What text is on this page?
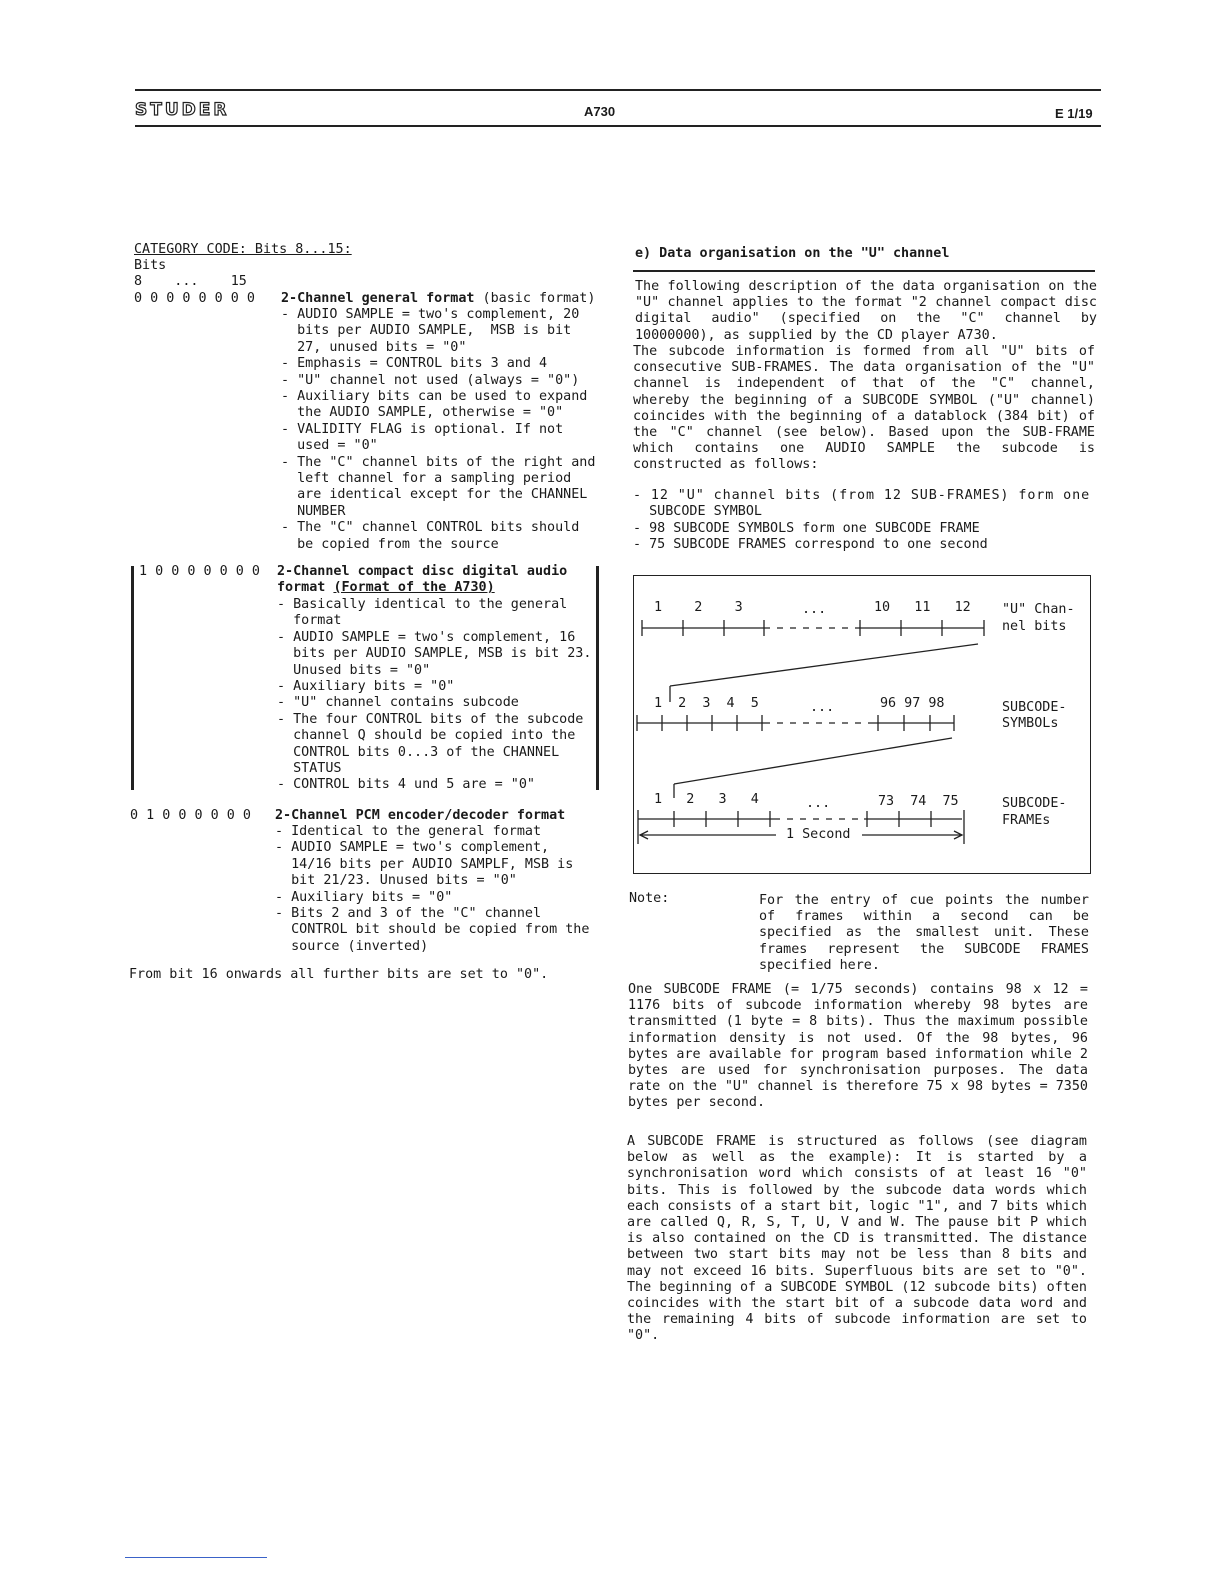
STUDER	A730	E 1/19
CATEGORY CODE: Bits 8...15:
Bits
8    ...    15
0 0 0 0 0 0 0 0 2-Channel general format (basic format)
- AUDIO SAMPLE = two's complement, 20
bits per AUDIO SAMPLE,  MSB is bit
27, unused bits = "0"
- Emphasis = CONTROL bits 3 and 4
- "U" channel not used (always = "0")
- Auxiliary bits can be used to expand
the AUDIO SAMPLE, otherwise = "0"
- VALIDITY FLAG is optional. If not
used = "0"
- The "C" channel bits of the right and
left channel for a sampling period
are identical except for the CHANNEL
NUMBER
- The "C" channel CONTROL bits should
be copied from the source
1 0 0 0 0 0 0 0 2-Channel compact disc digital audio
format (Format of the A730)
- Basically identical to the general
format
- AUDIO SAMPLE = two's complement, 16
bits per AUDIO SAMPLE, MSB is bit 23.
Unused bits = "0"
- Auxiliary bits = "0"
- "U" channel contains subcode
- The four CONTROL bits of the subcode
channel Q should be copied into the
CONTROL bits 0...3 of the CHANNEL
STATUS
- CONTROL bits 4 und 5 are = "0"
0 1 0 0 0 0 0 0 2-Channel PCM encoder/decoder format
- Identical to the general format
- AUDIO SAMPLE = two's complement,
14/16 bits per AUDIO SAMPLF, MSB is
bit 21/23. Unused bits = "0"
- Auxiliary bits = "0"
- Bits 2 and 3 of the "C" channel
CONTROL bit should be copied from the
source (inverted)
From bit 16 onwards all further bits are set to "0".
e) Data organisation on the "U" channel
The following description of the data organisation on the "U" channel applies to the format "2 channel compact disc digital audio" (specified on the "C" channel by 10000000), as supplied by the CD player A730.
The subcode information is formed from all "U" bits of consecutive SUB-FRAMES. The data organisation of the "U" channel is independent of that of the "C" channel, whereby the beginning of a SUBCODE SYMBOL ("U" channel) coincides with the beginning of a datablock (384 bit) of the "C" channel (see below). Based upon the SUB-FRAME which contains one AUDIO SAMPLE the subcode is constructed as follows:
- 12 "U" channel bits (from 12 SUB-FRAMES) form one
SUBCODE SYMBOL
- 98 SUBCODE SYMBOLS form one SUBCODE FRAME
- 75 SUBCODE FRAMES correspond to one second
1    2    3	...	10   11   12 "U" Chan-
nel bits
1  2  3  4  5	...	96 97 98	SUBCODE-
SYMBOLs
1   2   3   4	...	73  74  75	SUBCODE-
FRAMEs
1 Second
Note:	For the entry of cue points the number of frames within a second can be specified as the smallest unit. These frames represent the SUBCODE FRAMES specified here.
One SUBCODE FRAME (= 1/75 seconds) contains 98 x 12 = 1176 bits of subcode information whereby 98 bytes are transmitted (1 byte = 8 bits). Thus the maximum possible information density is not used. Of the 98 bytes, 96 bytes are available for program based information while 2 bytes are used for synchronisation purposes. The data rate on the "U" channel is therefore 75 x 98 bytes = 7350 bytes per second.
A SUBCODE FRAME is structured as follows (see diagram below as well as the example): It is started by a synchronisation word which consists of at least 16 "0" bits. This is followed by the subcode data words which each consists of a start bit, logic "1", and 7 bits which are called Q, R, S, T, U, V and W. The pause bit P which is also contained on the CD is transmitted. The distance between two start bits may not be less than 8 bits and may not exceed 16 bits. Superfluous bits are set to "0". The beginning of a SUBCODE SYMBOL (12 subcode bits) often coincides with the start bit of a subcode data word and the remaining 4 bits of subcode information are set to "0".
